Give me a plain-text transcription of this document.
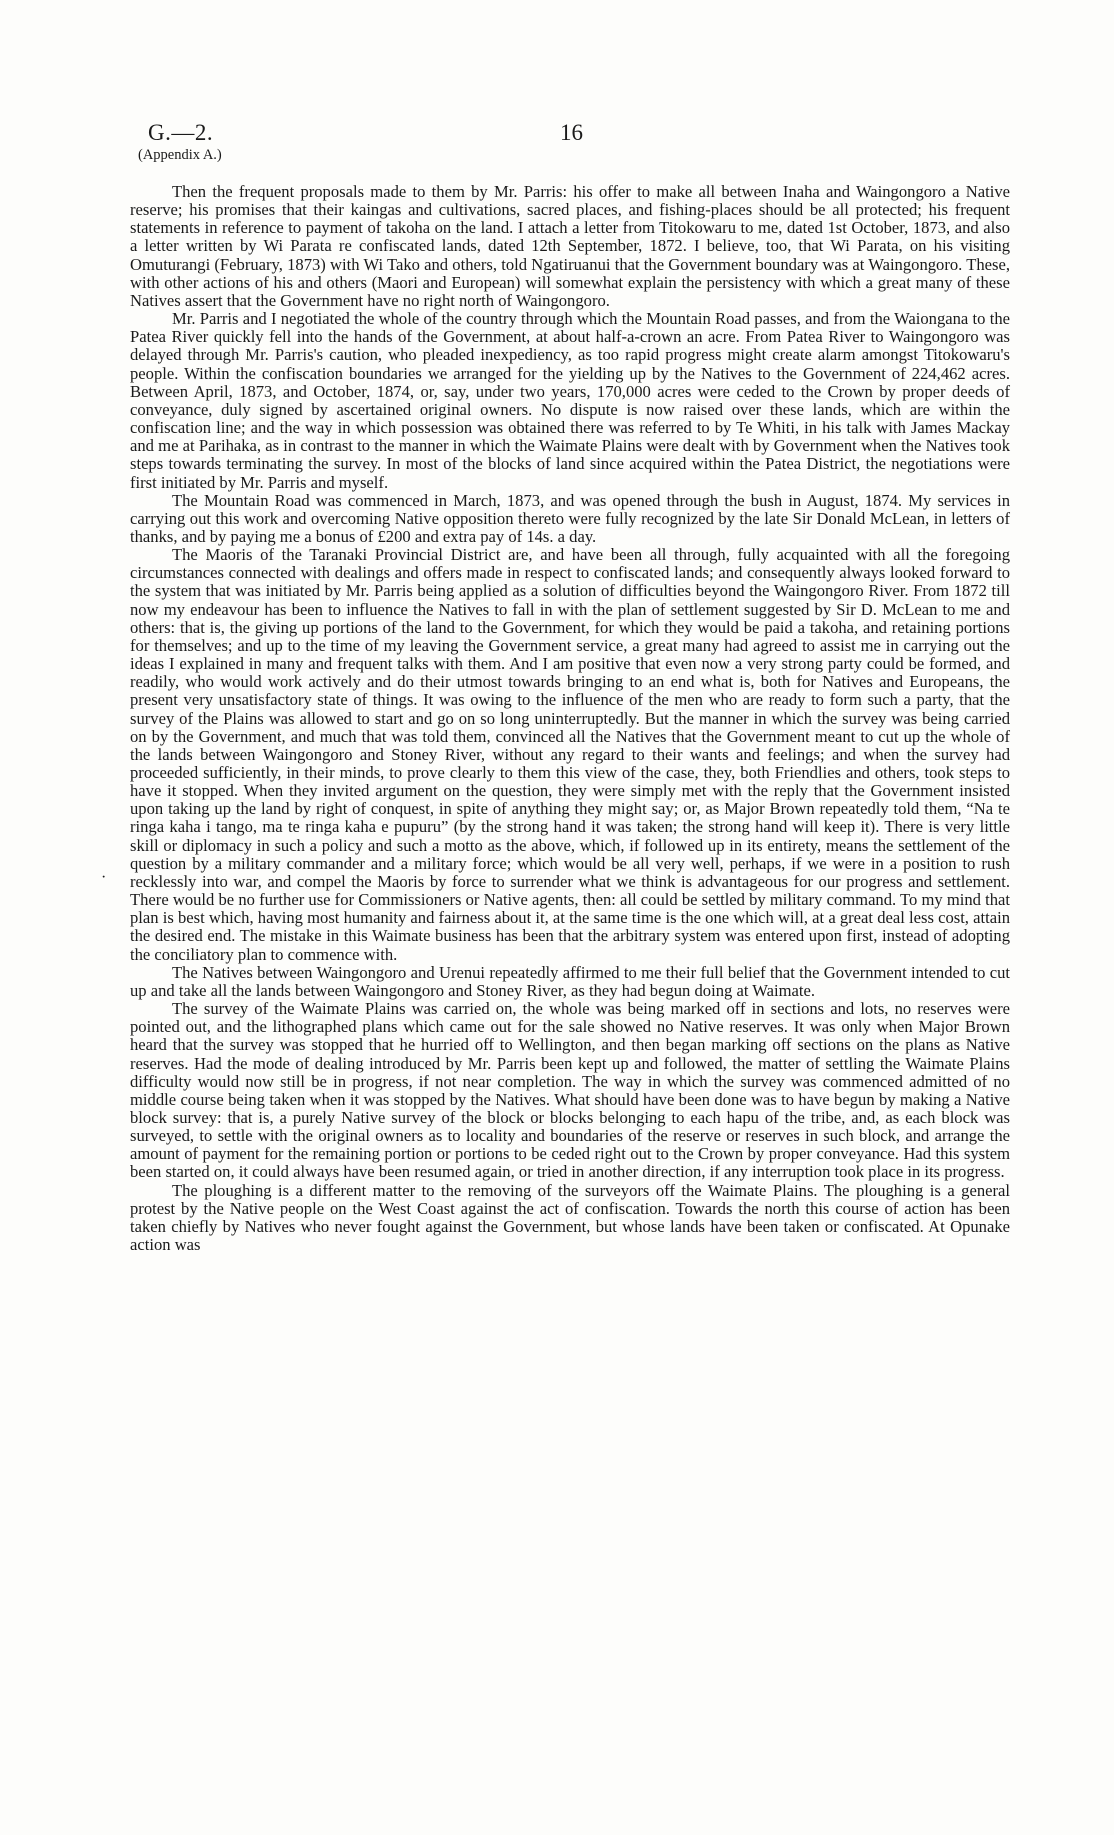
G.—2.
(Appendix A.)
16
·

Then the frequent proposals made to them by Mr. Parris: his offer to make all between Inaha and Waingongoro a Native reserve; his promises that their kaingas and cultivations, sacred places, and fishing-places should be all protected; his frequent statements in reference to payment of takoha on the land. I attach a letter from Titokowaru to me, dated 1st October, 1873, and also a letter written by Wi Parata re confiscated lands, dated 12th September, 1872. I believe, too, that Wi Parata, on his visiting Omuturangi (February, 1873) with Wi Tako and others, told Ngatiruanui that the Government boundary was at Waingongoro. These, with other actions of his and others (Maori and European) will somewhat explain the persistency with which a great many of these Natives assert that the Government have no right north of Waingongoro.

Mr. Parris and I negotiated the whole of the country through which the Mountain Road passes, and from the Waiongana to the Patea River quickly fell into the hands of the Government, at about half-a-crown an acre. From Patea River to Waingongoro was delayed through Mr. Parris's caution, who pleaded inexpediency, as too rapid progress might create alarm amongst Titokowaru's people. Within the confiscation boundaries we arranged for the yielding up by the Natives to the Government of 224,462 acres. Between April, 1873, and October, 1874, or, say, under two years, 170,000 acres were ceded to the Crown by proper deeds of conveyance, duly signed by ascertained original owners. No dispute is now raised over these lands, which are within the confiscation line; and the way in which possession was obtained there was referred to by Te Whiti, in his talk with James Mackay and me at Parihaka, as in contrast to the manner in which the Waimate Plains were dealt with by Government when the Natives took steps towards terminating the survey. In most of the blocks of land since acquired within the Patea District, the negotiations were first initiated by Mr. Parris and myself.

The Mountain Road was commenced in March, 1873, and was opened through the bush in August, 1874. My services in carrying out this work and overcoming Native opposition thereto were fully recognized by the late Sir Donald McLean, in letters of thanks, and by paying me a bonus of £200 and extra pay of 14s. a day.

The Maoris of the Taranaki Provincial District are, and have been all through, fully acquainted with all the foregoing circumstances connected with dealings and offers made in respect to confiscated lands; and consequently always looked forward to the system that was initiated by Mr. Parris being applied as a solution of difficulties beyond the Waingongoro River. From 1872 till now my endeavour has been to influence the Natives to fall in with the plan of settlement suggested by Sir D. McLean to me and others: that is, the giving up portions of the land to the Government, for which they would be paid a takoha, and retaining portions for themselves; and up to the time of my leaving the Government service, a great many had agreed to assist me in carrying out the ideas I explained in many and frequent talks with them. And I am positive that even now a very strong party could be formed, and readily, who would work actively and do their utmost towards bringing to an end what is, both for Natives and Europeans, the present very unsatisfactory state of things. It was owing to the influence of the men who are ready to form such a party, that the survey of the Plains was allowed to start and go on so long uninterruptedly. But the manner in which the survey was being carried on by the Government, and much that was told them, convinced all the Natives that the Government meant to cut up the whole of the lands between Waingongoro and Stoney River, without any regard to their wants and feelings; and when the survey had proceeded sufficiently, in their minds, to prove clearly to them this view of the case, they, both Friendlies and others, took steps to have it stopped. When they invited argument on the question, they were simply met with the reply that the Government insisted upon taking up the land by right of conquest, in spite of anything they might say; or, as Major Brown repeatedly told them, “Na te ringa kaha i tango, ma te ringa kaha e pupuru” (by the strong hand it was taken; the strong hand will keep it). There is very little skill or diplomacy in such a policy and such a motto as the above, which, if followed up in its entirety, means the settlement of the question by a military commander and a military force; which would be all very well, perhaps, if we were in a position to rush recklessly into war, and compel the Maoris by force to surrender what we think is advantageous for our progress and settlement. There would be no further use for Commissioners or Native agents, then: all could be settled by military command. To my mind that plan is best which, having most humanity and fairness about it, at the same time is the one which will, at a great deal less cost, attain the desired end. The mistake in this Waimate business has been that the arbitrary system was entered upon first, instead of adopting the conciliatory plan to commence with.

The Natives between Waingongoro and Urenui repeatedly affirmed to me their full belief that the Government intended to cut up and take all the lands between Waingongoro and Stoney River, as they had begun doing at Waimate.

The survey of the Waimate Plains was carried on, the whole was being marked off in sections and lots, no reserves were pointed out, and the lithographed plans which came out for the sale showed no Native reserves. It was only when Major Brown heard that the survey was stopped that he hurried off to Wellington, and then began marking off sections on the plans as Native reserves. Had the mode of dealing introduced by Mr. Parris been kept up and followed, the matter of settling the Waimate Plains difficulty would now still be in progress, if not near completion. The way in which the survey was commenced admitted of no middle course being taken when it was stopped by the Natives. What should have been done was to have begun by making a Native block survey: that is, a purely Native survey of the block or blocks belonging to each hapu of the tribe, and, as each block was surveyed, to settle with the original owners as to locality and boundaries of the reserve or reserves in such block, and arrange the amount of payment for the remaining portion or portions to be ceded right out to the Crown by proper conveyance. Had this system been started on, it could always have been resumed again, or tried in another direction, if any interruption took place in its progress.

The ploughing is a different matter to the removing of the surveyors off the Waimate Plains. The ploughing is a general protest by the Native people on the West Coast against the act of confiscation. Towards the north this course of action has been taken chiefly by Natives who never fought against the Government, but whose lands have been taken or confiscated. At Opunake action was
